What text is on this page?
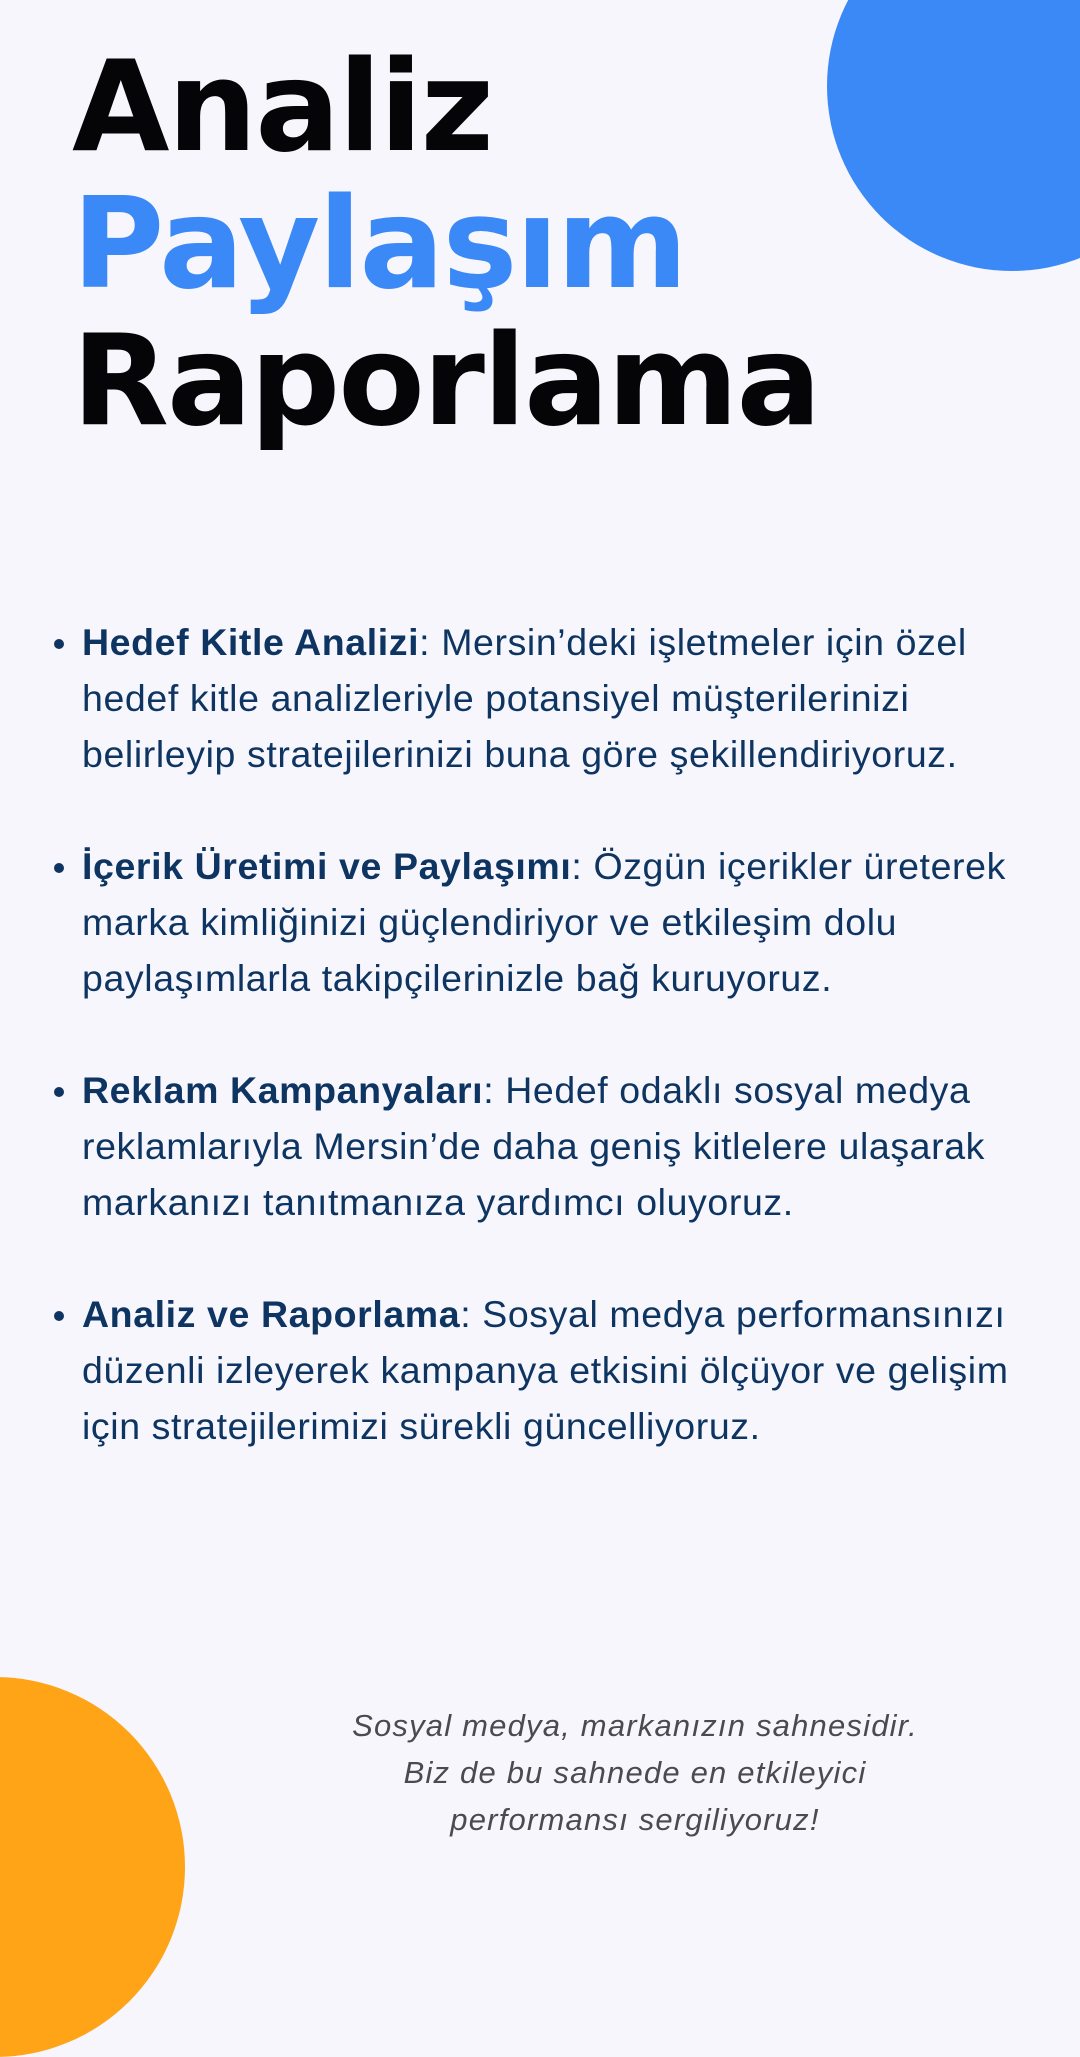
Analiz
Paylaşım
Raporlama
Hedef Kitle Analizi: Mersin’deki işletmeler için özel hedef kitle analizleriyle potansiyel müşterilerinizi belirleyip stratejilerinizi buna göre şekillendiriyoruz.
İçerik Üretimi ve Paylaşımı: Özgün içerikler üreterek marka kimliğinizi güçlendiriyor ve etkileşim dolu paylaşımlarla takipçilerinizle bağ kuruyoruz.
Reklam Kampanyaları: Hedef odaklı sosyal medya reklamlarıyla Mersin’de daha geniş kitlelere ulaşarak markanızı tanıtmanıza yardımcı oluyoruz.
Analiz ve Raporlama: Sosyal medya performansınızı düzenli izleyerek kampanya etkisini ölçüyor ve gelişim için stratejilerimizi sürekli güncelliyoruz.
Sosyal medya, markanızın sahnesidir.
Biz de bu sahnede en etkileyici
performansı sergiliyoruz!
